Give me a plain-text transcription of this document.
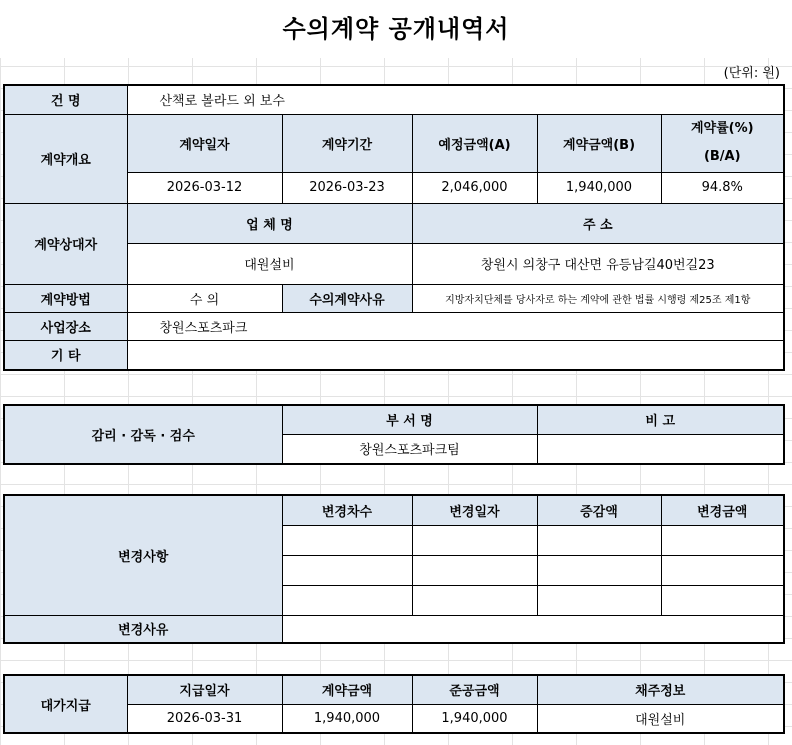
수의계약 공개내역서
(단위: 원)
건 명	산책로 볼라드 외 보수				
계약개요	계약일자	계약기간	예정금액(A)	계약금액(B)	계약률(%)
(B/A)

	2026-03-12	2026-03-23	2,046,000	1,940,000	94.8%
계약상대자	업 체 명		주 소		
	대원설비		창원시 의창구 대산면 유등남길40번길23		
계약방법	수 의	수의계약사유	지방자치단체를 당사자로 하는 계약에 관한 법률 시행령 제25조 제1항		
사업장소	창원스포츠파크				
기 타					
감리 · 감독 · 검수	부 서 명	비 고
	창원스포츠파크팀	
변경사항	변경차수	변경일자	증감액	변경금액

변경사유				
대가지급	지급일자	계약금액	준공금액	채주정보
	2026-03-31	1,940,000	1,940,000	대원설비
